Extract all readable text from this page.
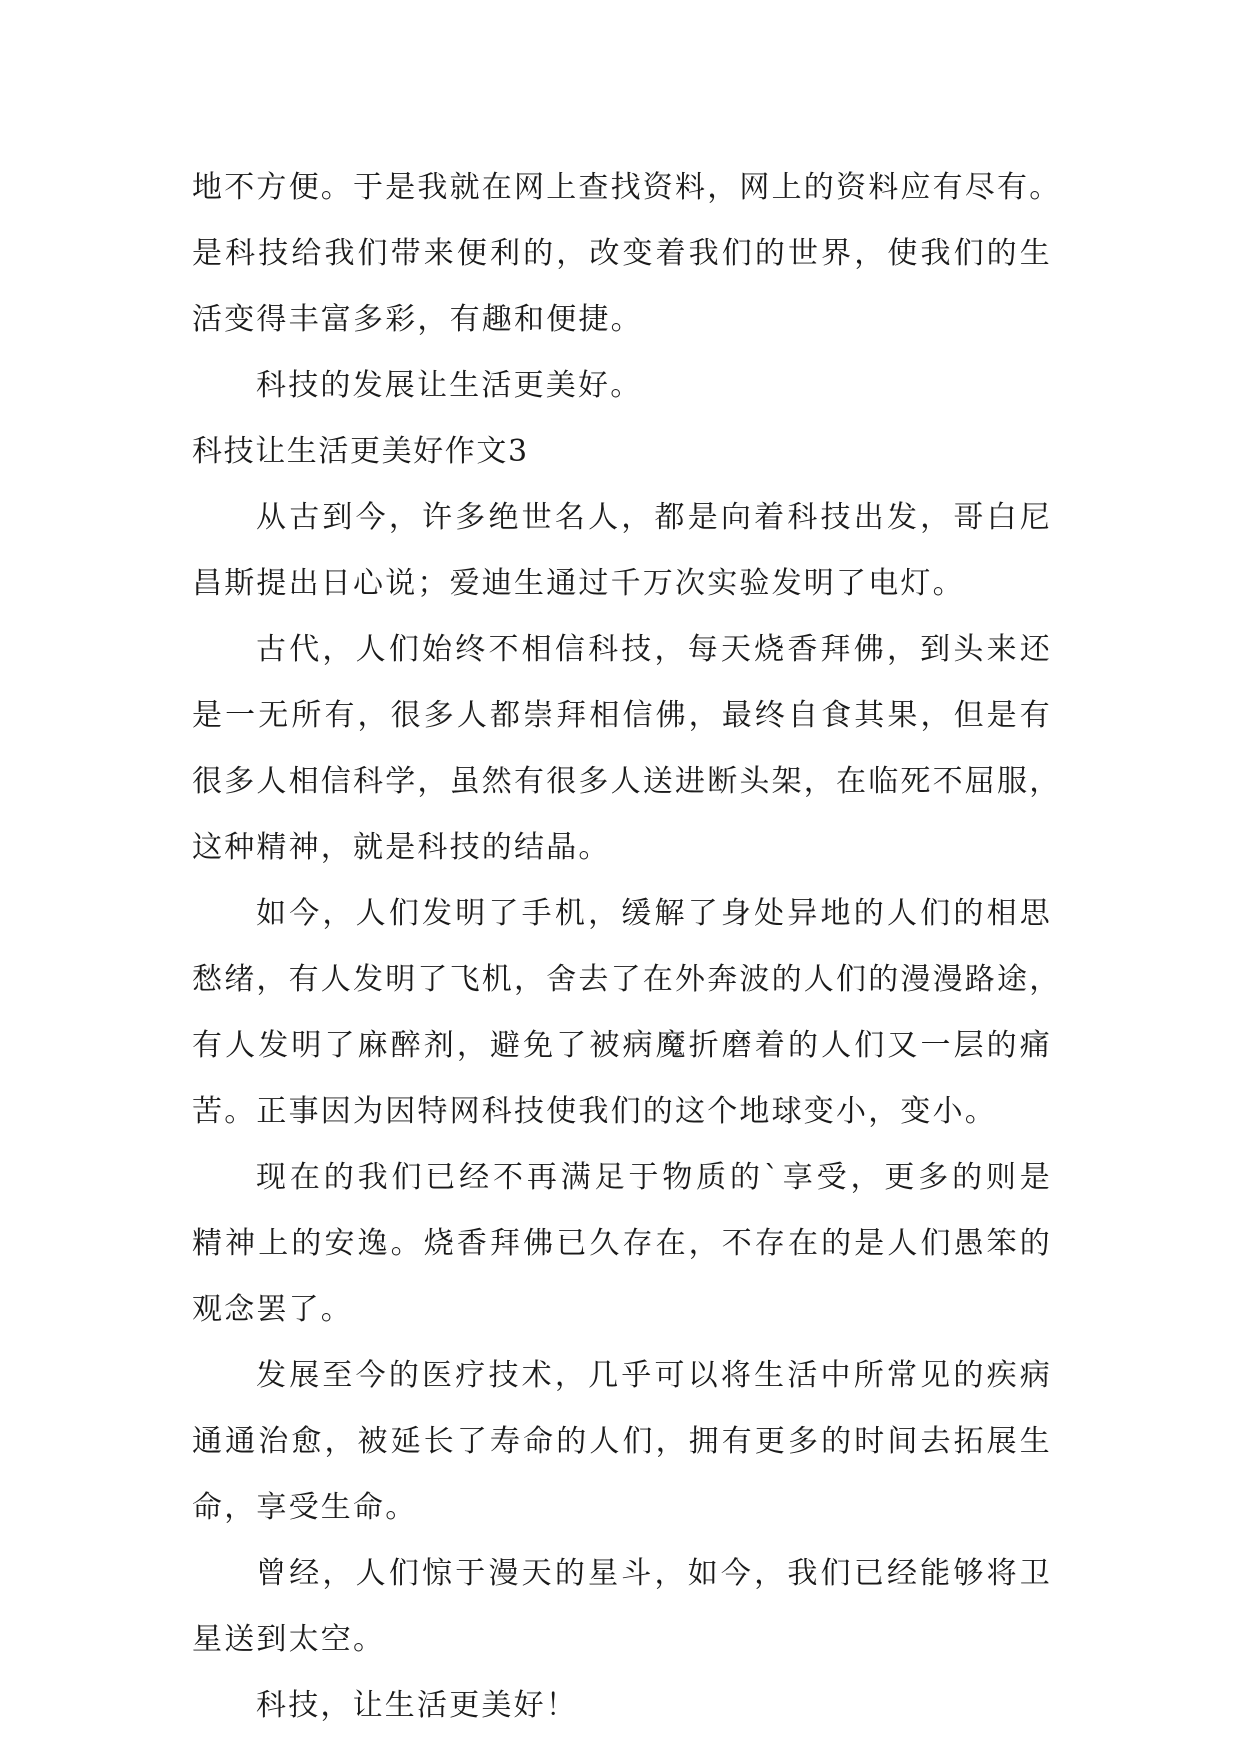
地不方便。于是我就在网上查找资料，网上的资料应有尽有。
是科技给我们带来便利的，改变着我们的世界，使我们的生
活变得丰富多彩，有趣和便捷。
科技的发展让生活更美好。
科技让生活更美好作文3
从古到今，许多绝世名人，都是向着科技出发，哥白尼
昌斯提出日心说；爱迪生通过千万次实验发明了电灯。
古代，人们始终不相信科技，每天烧香拜佛，到头来还
是一无所有，很多人都崇拜相信佛，最终自食其果，但是有
很多人相信科学，虽然有很多人送进断头架，在临死不屈服，
这种精神，就是科技的结晶。
如今，人们发明了手机，缓解了身处异地的人们的相思
愁绪，有人发明了飞机，舍去了在外奔波的人们的漫漫路途，
有人发明了麻醉剂，避免了被病魔折磨着的人们又一层的痛
苦。正事因为因特网科技使我们的这个地球变小，变小。
现在的我们已经不再满足于物质的`享受，更多的则是
精神上的安逸。烧香拜佛已久存在，不存在的是人们愚笨的
观念罢了。
发展至今的医疗技术，几乎可以将生活中所常见的疾病
通通治愈，被延长了寿命的人们，拥有更多的时间去拓展生
命，享受生命。
曾经，人们惊于漫天的星斗，如今，我们已经能够将卫
星送到太空。
科技，让生活更美好！
